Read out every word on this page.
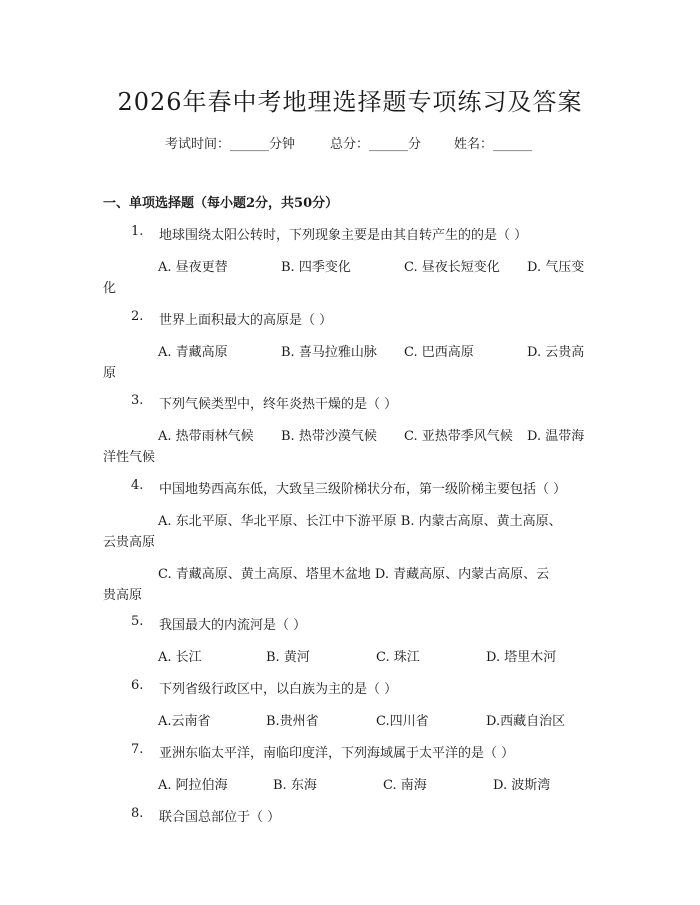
2026年春中考地理选择题专项练习及答案
考试时间：______分钟	总分：______分	姓名：______
一、单项选择题（每小题2分，共50分）
1. 地球围绕太阳公转时，下列现象主要是由其自转产生的的是（ ）
A. 昼夜更替	B. 四季变化	C. 昼夜长短变化 D. 气压变
化
2. 世界上面积最大的高原是（ ）
A. 青藏高原	B. 喜马拉雅山脉 C. 巴西高原	D. 云贵高
原
3. 下列气候类型中，终年炎热干燥的是（ ）
A. 热带雨林气候 B. 热带沙漠气候 C. 亚热带季风气候 D. 温带海
洋性气候
4. 中国地势西高东低，大致呈三级阶梯状分布，第一级阶梯主要包括（ ）
A. 东北平原、华北平原、长江中下游平原 B. 内蒙古高原、黄土高原、
云贵高原
C. 青藏高原、黄土高原、塔里木盆地 D. 青藏高原、内蒙古高原、云
贵高原
5. 我国最大的内流河是（ ）
A. 长江	B. 黄河	C. 珠江	D. 塔里木河
6. 下列省级行政区中，以白族为主的是（ ）
A.云南省	B.贵州省	C.四川省	D.西藏自治区
7. 亚洲东临太平洋，南临印度洋，下列海域属于太平洋的是（ ）
A. 阿拉伯海	B. 东海	C. 南海	D. 波斯湾
8. 联合国总部位于（ ）
